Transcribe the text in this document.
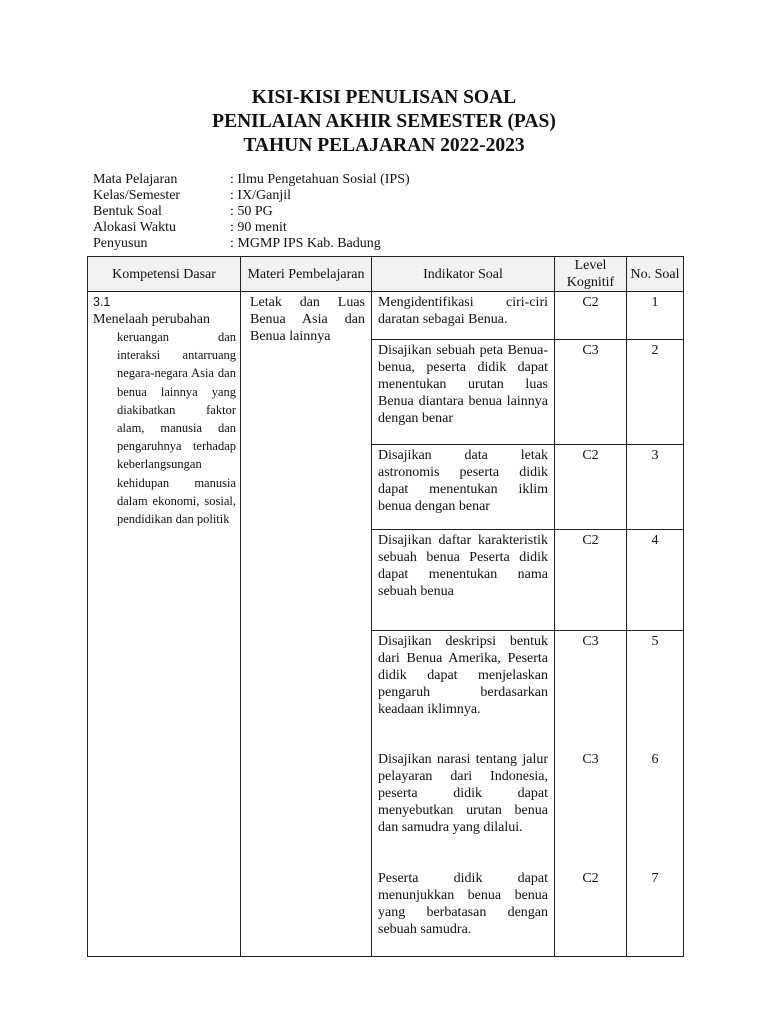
KISI-KISI PENULISAN SOAL
PENILAIAN AKHIR SEMESTER (PAS)
TAHUN PELAJARAN 2022-2023
Mata Pelajaran	: Ilmu Pengetahuan Sosial (IPS)
Kelas/Semester	: IX/Ganjil
Bentuk Soal	: 50 PG
Alokasi Waktu	: 90 menit
Penyusun	: MGMP IPS Kab. Badung
Kompetensi Dasar	Materi Pembelajaran	Indikator Soal	Level Kognitif	No. Soal
3.1Menelaah perubahan
keruangan dan interaksi antarruang negara-negara Asia dan benua lainnya yang diakibatkan faktor alam, manusia dan pengaruhnya terhadap keberlangsungan kehidupan manusia dalam ekonomi, sosial, pendidikan dan politik	Letak dan Luas Benua Asia dan Benua lainnya	Mengidentifikasi ciri-ciri daratan sebagai Benua.	C2	1
		Disajikan sebuah peta Benua-benua, peserta didik dapat menentukan urutan luas Benua diantara benua lainnya dengan benar	C3	2
		Disajikan data letak astronomis peserta didik dapat menentukan iklim benua dengan benar	C2	3
		Disajikan daftar karakteristik sebuah benua Peserta didik dapat menentukan nama sebuah benua	C2	4
		Disajikan deskripsi bentuk dari Benua Amerika, Peserta didik dapat menjelaskan pengaruh berdasarkan keadaan iklimnya.	C3	5
		Disajikan narasi tentang jalur pelayaran dari Indonesia, peserta didik dapat menyebutkan urutan benua dan samudra yang dilalui.	C3	6
		Peserta didik dapat menunjukkan benua benua yang berbatasan dengan sebuah samudra.	C2	7
